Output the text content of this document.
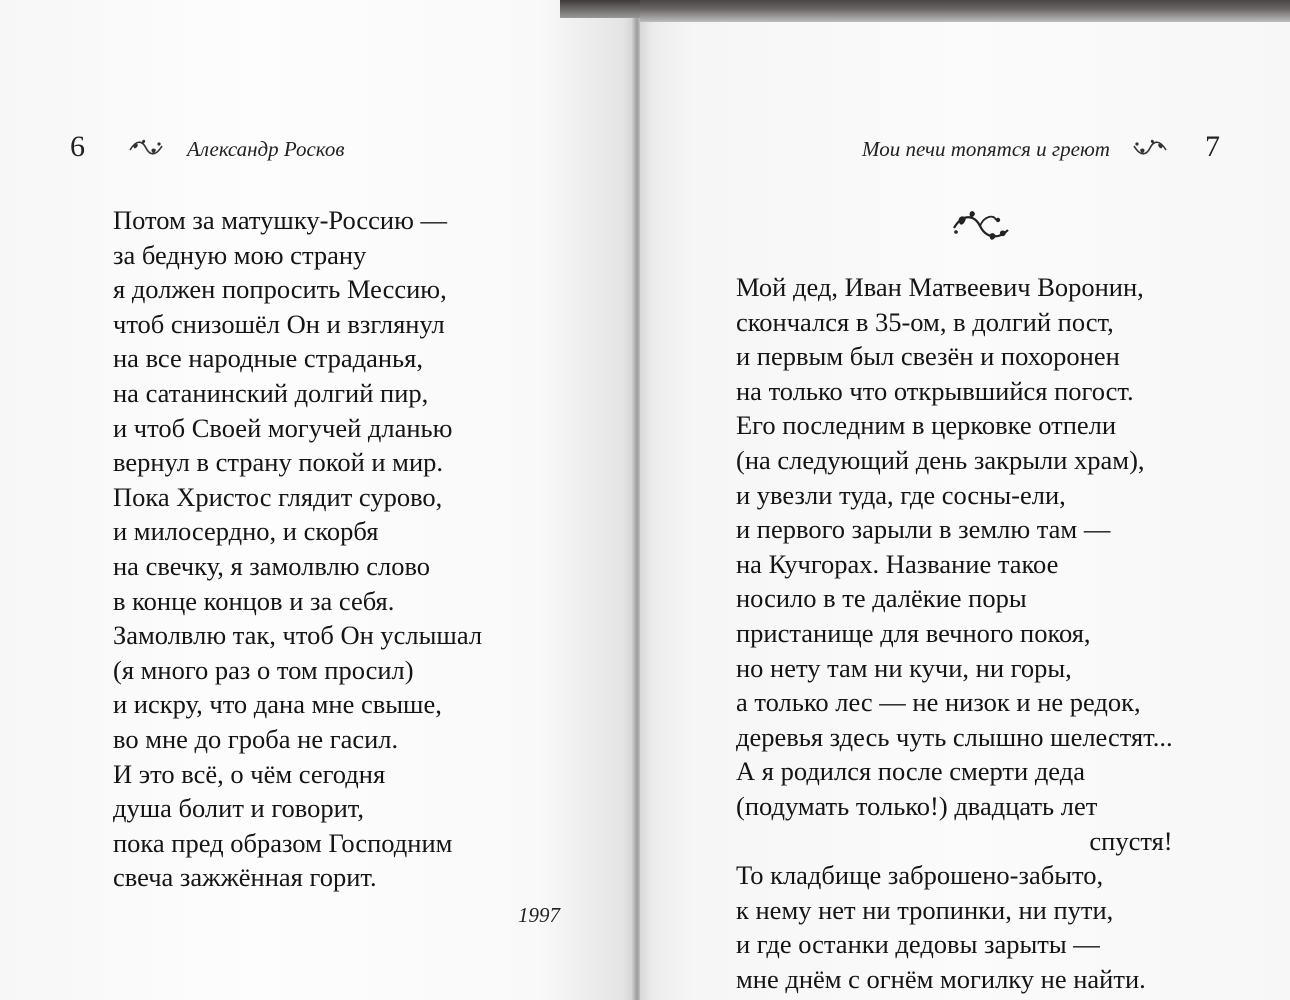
6	Александр Росков
Потом за матушку-Россию —
за бедную мою страну
я должен попросить Мессию,
чтоб снизошёл Он и взглянул
на все народные страданья,
на сатанинский долгий пир,
и чтоб Своей могучей дланью
вернул в страну покой и мир.
Пока Христос глядит сурово,
и милосердно, и скорбя
на свечку, я замолвлю слово
в конце концов и за себя.
Замолвлю так, чтоб Он услышал
(я много раз о том просил)
и искру, что дана мне свыше,
во мне до гроба не гасил.
И это всё, о чём сегодня
душа болит и говорит,
пока пред образом Господним
свеча зажжённая горит.
1997
Мои печи топятся и греют	7
Мой дед, Иван Матвеевич Воронин,
скончался в 35-ом, в долгий пост,
и первым был свезён и похоронен
на только что открывшийся погост.
Его последним в церковке отпели
(на следующий день закрыли храм),
и увезли туда, где сосны-ели,
и первого зарыли в землю там —
на Кучгорах. Название такое
носило в те далёкие поры
пристанище для вечного покоя,
но нету там ни кучи, ни горы,
а только лес — не низок и не редок,
деревья здесь чуть слышно шелестят...
А я родился после смерти деда
(подумать только!) двадцать лет
спустя!
То кладбище заброшено-забыто,
к нему нет ни тропинки, ни пути,
и где останки дедовы зарыты —
мне днём с огнём могилку не найти.
